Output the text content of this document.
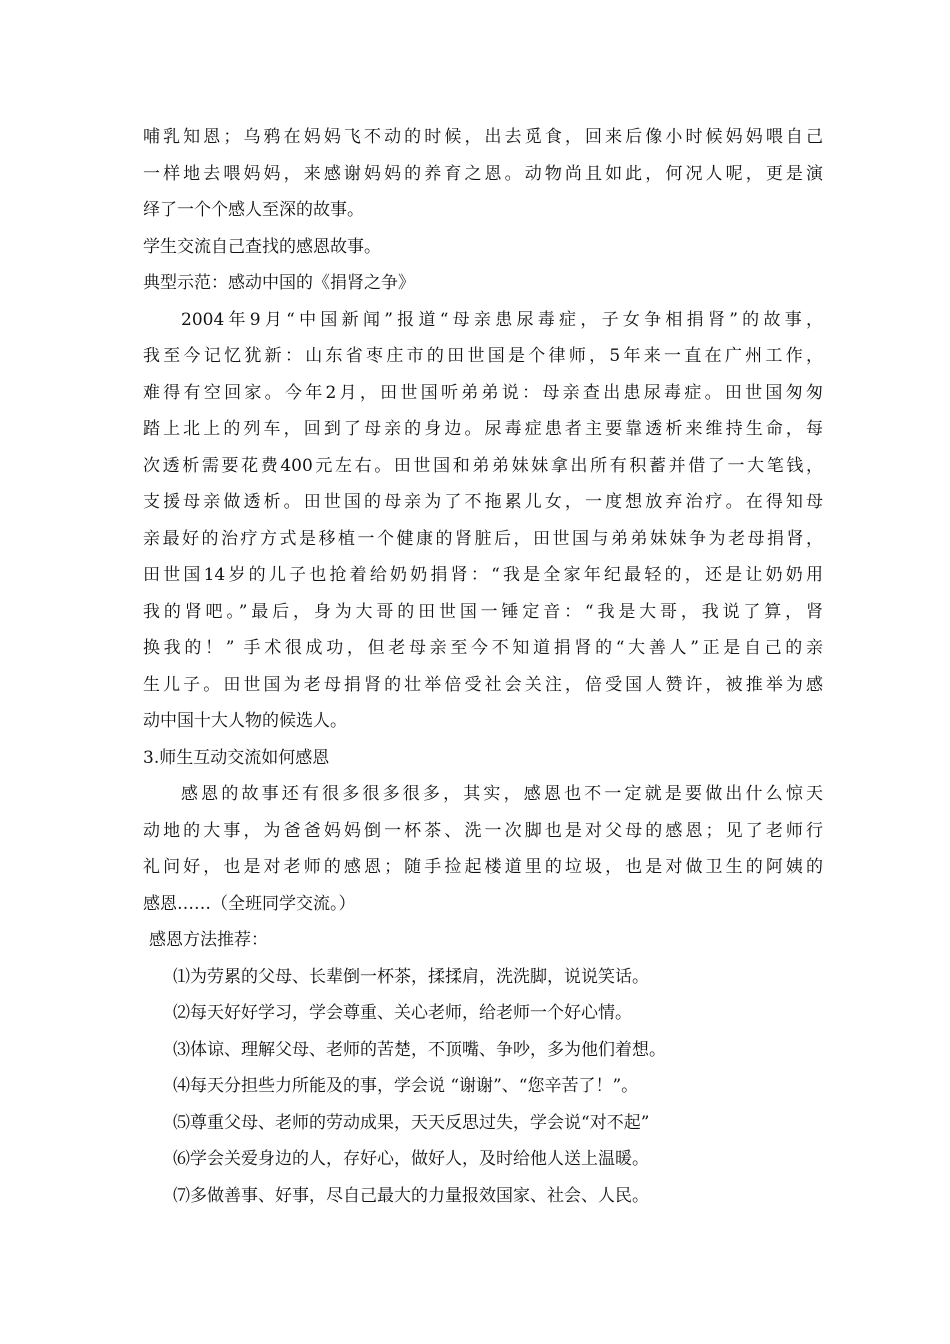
哺乳知恩；乌鸦在妈妈飞不动的时候，出去觅食，回来后像小时候妈妈喂自己
一样地去喂妈妈，来感谢妈妈的养育之恩。动物尚且如此，何况人呢，更是演
绎了一个个感人至深的故事。
学生交流自己查找的感恩故事。
典型示范：感动中国的《捐肾之争》
2004年9月“中国新闻”报道“母亲患尿毒症，子女争相捐肾”的故事，
我至今记忆犹新：山东省枣庄市的田世国是个律师，5年来一直在广州工作，
难得有空回家。今年2月，田世国听弟弟说：母亲查出患尿毒症。田世国匆匆
踏上北上的列车，回到了母亲的身边。尿毒症患者主要靠透析来维持生命，每
次透析需要花费400元左右。田世国和弟弟妹妹拿出所有积蓄并借了一大笔钱，
支援母亲做透析。田世国的母亲为了不拖累儿女，一度想放弃治疗。在得知母
亲最好的治疗方式是移植一个健康的肾脏后，田世国与弟弟妹妹争为老母捐肾，
田世国14岁的儿子也抢着给奶奶捐肾：“我是全家年纪最轻的，还是让奶奶用
我的肾吧。”最后，身为大哥的田世国一锤定音：“我是大哥，我说了算，肾
换我的！” 手术很成功，但老母亲至今不知道捐肾的“大善人”正是自己的亲
生儿子。田世国为老母捐肾的壮举倍受社会关注，倍受国人赞许，被推举为感
动中国十大人物的候选人。
3.师生互动交流如何感恩
感恩的故事还有很多很多很多，其实，感恩也不一定就是要做出什么惊天
动地的大事，为爸爸妈妈倒一杯茶、洗一次脚也是对父母的感恩；见了老师行
礼问好，也是对老师的感恩；随手捡起楼道里的垃圾，也是对做卫生的阿姨的
感恩……（全班同学交流。）
感恩方法推荐：
⑴为劳累的父母、长辈倒一杯茶，揉揉肩，洗洗脚，说说笑话。
⑵每天好好学习，学会尊重、关心老师，给老师一个好心情。
⑶体谅、理解父母、老师的苦楚，不顶嘴、争吵，多为他们着想。
⑷每天分担些力所能及的事，学会说 “谢谢”、“您辛苦了！”。
⑸尊重父母、老师的劳动成果，天天反思过失，学会说“对不起”
⑹学会关爱身边的人，存好心，做好人，及时给他人送上温暖。
⑺多做善事、好事，尽自己最大的力量报效国家、社会、人民。
